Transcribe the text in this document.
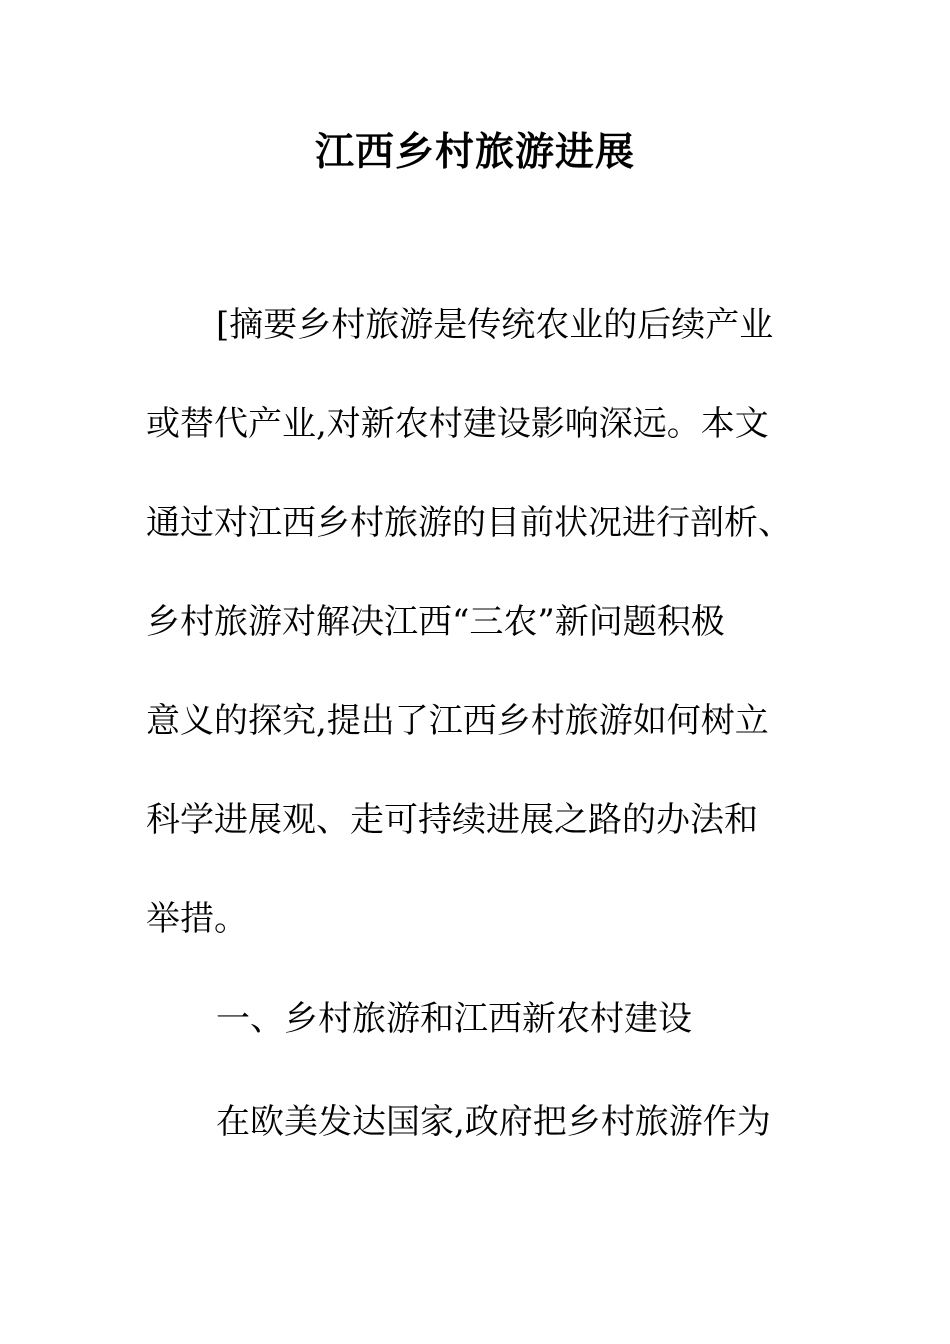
江西乡村旅游进展
[摘要乡村旅游是传统农业的后续产业
或替代产业,对新农村建设影响深远。本文
通过对江西乡村旅游的目前状况进行剖析、
乡村旅游对解决江西“三农”新问题积极
意义的探究,提出了江西乡村旅游如何树立
科学进展观、走可持续进展之路的办法和
举措。
一、乡村旅游和江西新农村建设
在欧美发达国家,政府把乡村旅游作为
